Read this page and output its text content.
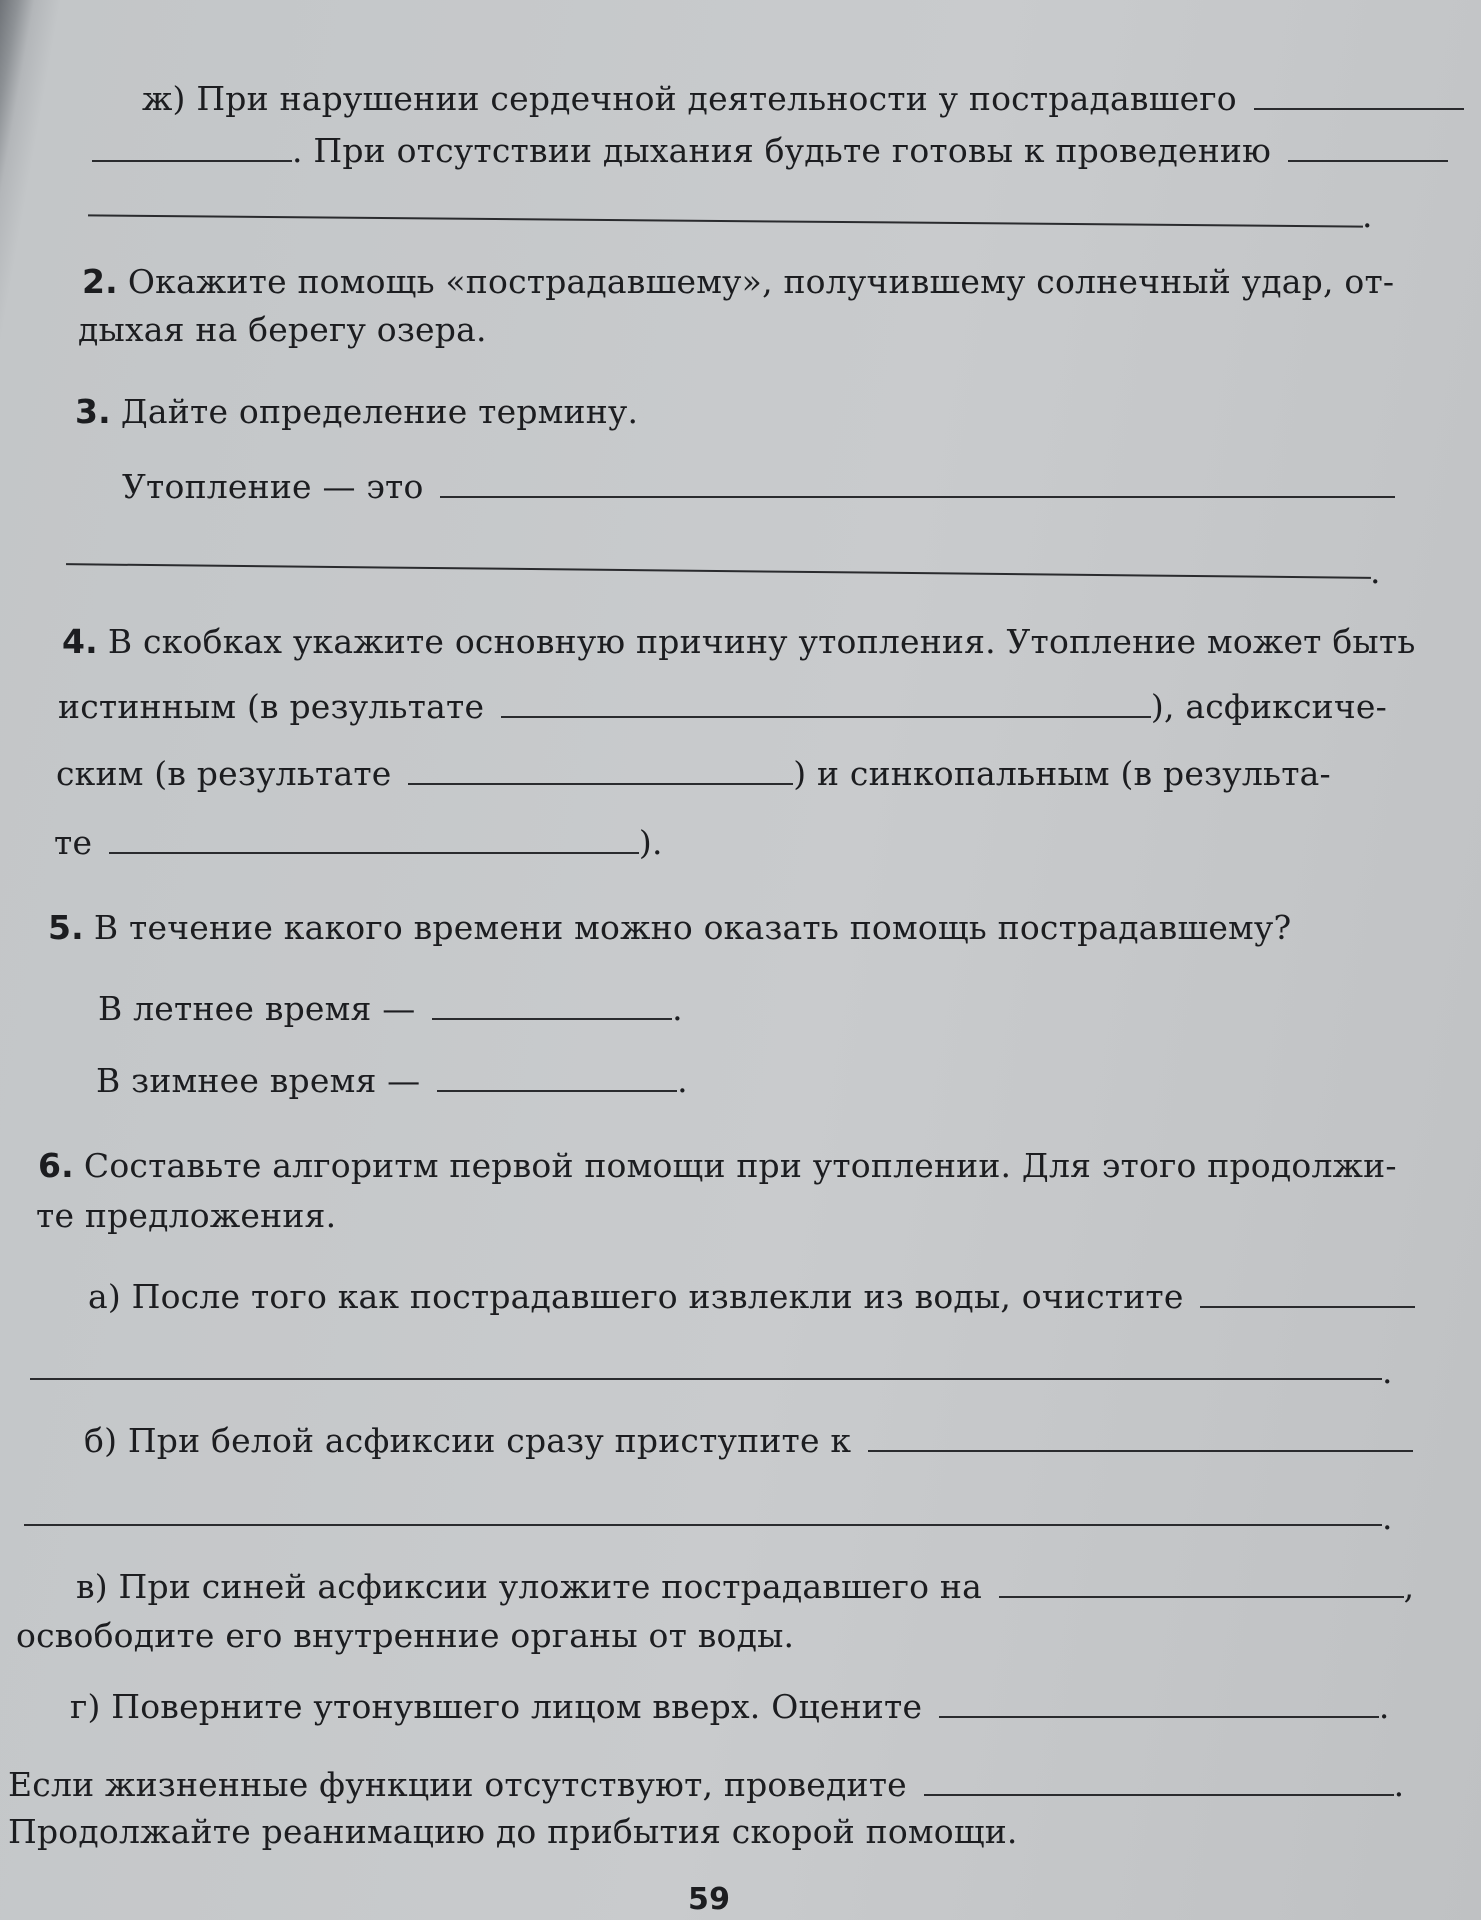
ж) При нарушении сердечной деятельности у пострадавшего
. При отсутствии дыхания будьте готовы к проведению
.
2. Окажите помощь «пострадавшему», получившему солнечный удар, от-
дыхая на берегу озера.
3. Дайте определение термину.
Утопление — это
.
4. В скобках укажите основную причину утопления. Утопление может быть
истинным (в результате	), асфиксиче-
ским (в результате	) и синкопальным (в результа-
те	).
5. В течение какого времени можно оказать помощь пострадавшему?
В летнее время —	.
В зимнее время —	.
6. Составьте алгоритм первой помощи при утоплении. Для этого продолжи-
те предложения.
а) После того как пострадавшего извлекли из воды, очистите
.
б) При белой асфиксии сразу приступите к
.
в) При синей асфиксии уложите пострадавшего на	,
освободите его внутренние органы от воды.
г) Поверните утонувшего лицом вверх. Оцените	.
Если жизненные функции отсутствуют, проведите	.
Продолжайте реанимацию до прибытия скорой помощи.
59
